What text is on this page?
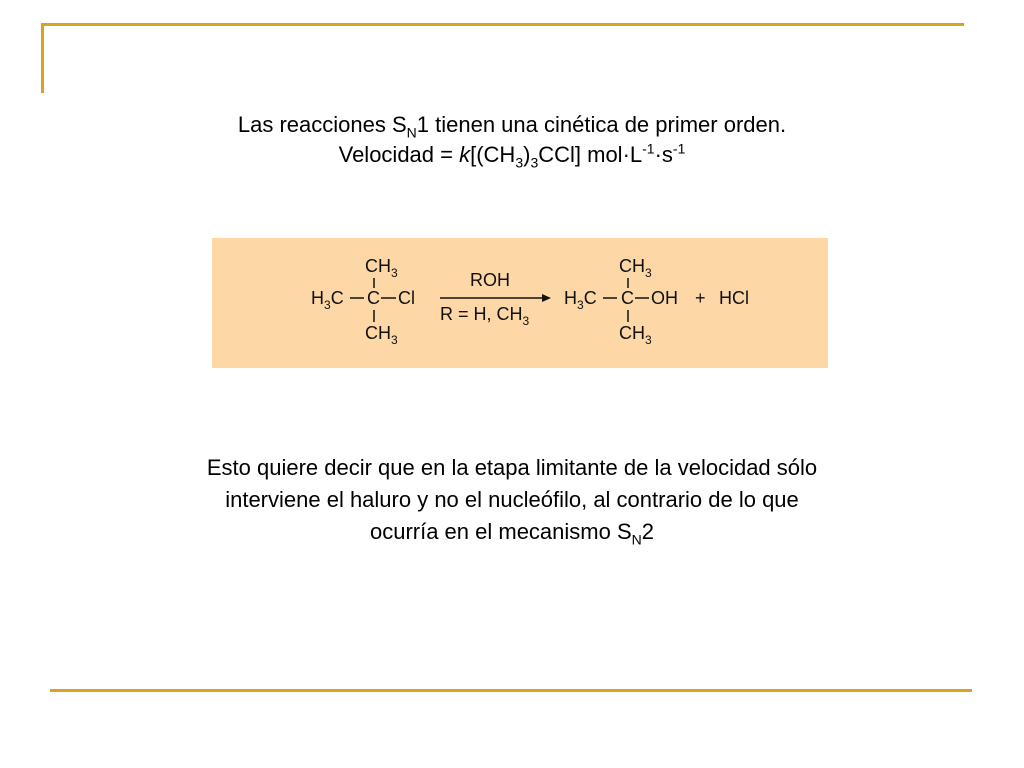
Las reacciones $S_N1$ tienen una cinética de primer orden.
Velocidad = $k[(CH_3)_3CCl]$ $mol\cdot L^{-1}\cdot s^{-1}$
$CH_3$
$H_3C$ C Cl
$CH_3$
ROH
R = H, $CH_3$
$CH_3$
$H_3C$ C OH
$CH_3$
+ HCl
Esto quiere decir que en la etapa limitante de la velocidad sólo
interviene el haluro y no el nucleófilo, al contrario de lo que
ocurría en el mecanismo $S_N2$
